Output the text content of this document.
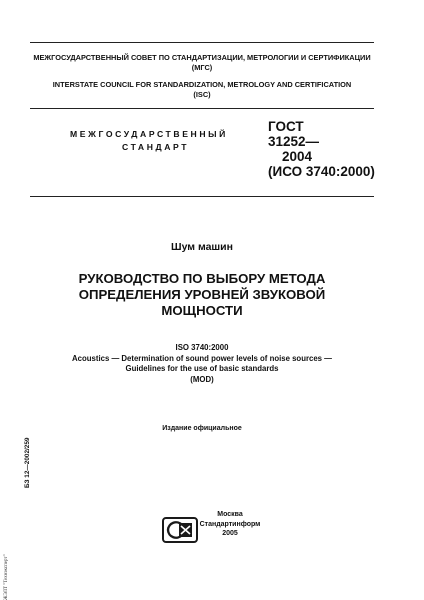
МЕЖГОСУДАРСТВЕННЫЙ СОВЕТ ПО СТАНДАРТИЗАЦИИ, МЕТРОЛОГИИ И СЕРТИФИКАЦИИ
(МГС)
INTERSTATE COUNCIL FOR STANDARDIZATION, METROLOGY AND CERTIFICATION
(ISC)
МЕЖГОСУДАРСТВЕННЫЙ
СТАНДАРТ
ГОСТ
31252—
2004
(ИСО 3740:2000)
Шум машин
РУКОВОДСТВО ПО ВЫБОРУ МЕТОДА
ОПРЕДЕЛЕНИЯ УРОВНЕЙ ЗВУКОВОЙ
МОЩНОСТИ
ISO 3740:2000
Acoustics — Determination of sound power levels of noise sources —
Guidelines for the use of basic standards
(MOD)
Издание официальное
БЗ 12—2002/259
ЖЭЛТ "Технэксперт"
Москва
Стандартинформ
2005
